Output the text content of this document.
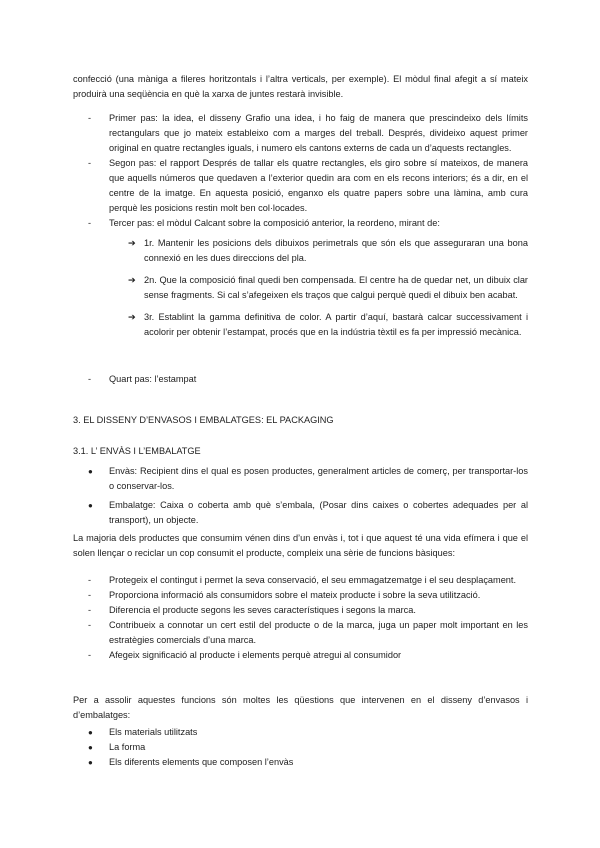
confecció (una màniga a fileres horitzontals i l’altra verticals, per exemple). El mòdul final afegit a sí mateix produirà una seqüència en què la xarxa de juntes restarà invisible.

- Primer pas: la idea, el disseny Grafio una idea, i ho faig de manera que prescindeixo dels límits rectangulars que jo mateix estableixo com a marges del treball. Després, divideixo aquest primer original en quatre rectangles iguals, i numero els cantons externs de cada un d’aquests rectangles.
- Segon pas: el rapport Després de tallar els quatre rectangles, els giro sobre sí mateixos, de manera que aquells números que quedaven a l’exterior quedin ara com en els recons interiors; és a dir, en el centre de la imatge. En aquesta posició, enganxo els quatre papers sobre una làmina, amb cura perquè les posicions restin molt ben col·locades.
- Tercer pas: el mòdul Calcant sobre la composició anterior, la reordeno, mirant de:
➔ 1r. Mantenir les posicions dels dibuixos perimetrals que són els que asseguraran una bona connexió en les dues direccions del pla.
➔ 2n. Que la composició final quedi ben compensada. El centre ha de quedar net, un dibuix clar sense fragments. Si cal s’afegeixen els traços que calgui perquè quedi el dibuix ben acabat.
➔ 3r. Establint la gamma definitiva de color. A partir d’aquí, bastarà calcar successivament i acolorir per obtenir l’estampat, procés que en la indústria tèxtil es fa per impressió mecànica.
- Quart pas: l’estampat

3. EL DISSENY D’ENVASOS I EMBALATGES: EL PACKAGING

3.1. L’ ENVÀS I L’EMBALATGE

● Envàs: Recipient dins el qual es posen productes, generalment articles de comerç, per transportar-los o conservar-los.
● Embalatge: Caixa o coberta amb què s’embala, (Posar dins caixes o cobertes adequades per al transport), un objecte.

La majoria dels productes que consumim vénen dins d’un envàs i, tot i que aquest té una vida efímera i que el solen llençar o reciclar un cop consumit el producte, compleix una sèrie de funcions bàsiques:

- Protegeix el contingut i permet la seva conservació, el seu emmagatzematge i el seu desplaçament.
- Proporciona informació als consumidors sobre el mateix producte i sobre la seva utilització.
- Diferencia el producte segons les seves característiques i segons la marca.
- Contribueix a connotar un cert estil del producte o de la marca, juga un paper molt important en les estratègies comercials d’una marca.
- Afegeix significació al producte i elements perquè atregui al consumidor

Per a assolir aquestes funcions són moltes les qüestions que intervenen en el disseny d’envasos i d’embalatges:

● Els materials utilitzats
● La forma
● Els diferents elements que composen l’envàs
